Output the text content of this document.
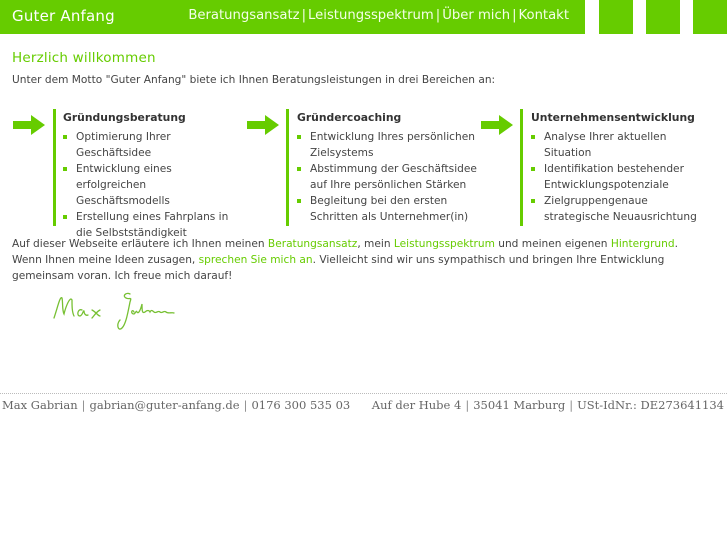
Guter Anfang	Beratungsansatz | Leistungsspektrum | Über mich | Kontakt
Herzlich willkommen
Unter dem Motto "Guter Anfang" biete ich Ihnen Beratungsleistungen in drei Bereichen an:
Gründungsberatung
Optimierung Ihrer Geschäftsidee
Entwicklung eines erfolgreichen Geschäftsmodells
Erstellung eines Fahrplans in die Selbstständigkeit
Gründercoaching
Entwicklung Ihres persönlichen Zielsystems
Abstimmung der Geschäftsidee auf Ihre persönlichen Stärken
Begleitung bei den ersten Schritten als Unternehmer(in)
Unternehmensentwicklung
Analyse Ihrer aktuellen Situation
Identifikation bestehender Entwicklungspotenziale
Zielgruppengenaue strategische Neuausrichtung
Auf dieser Webseite erläutere ich Ihnen meinen Beratungsansatz, mein Leistungsspektrum und meinen eigenen Hintergrund.
Wenn Ihnen meine Ideen zusagen, sprechen Sie mich an. Vielleicht sind wir uns sympathisch und bringen Ihre Entwicklung gemeinsam voran. Ich freue mich darauf!
Max Gabrian | gabrian@guter-anfang.de | 0176 300 535 03 Auf der Hube 4 | 35041 Marburg | USt-IdNr.: DE273641134
